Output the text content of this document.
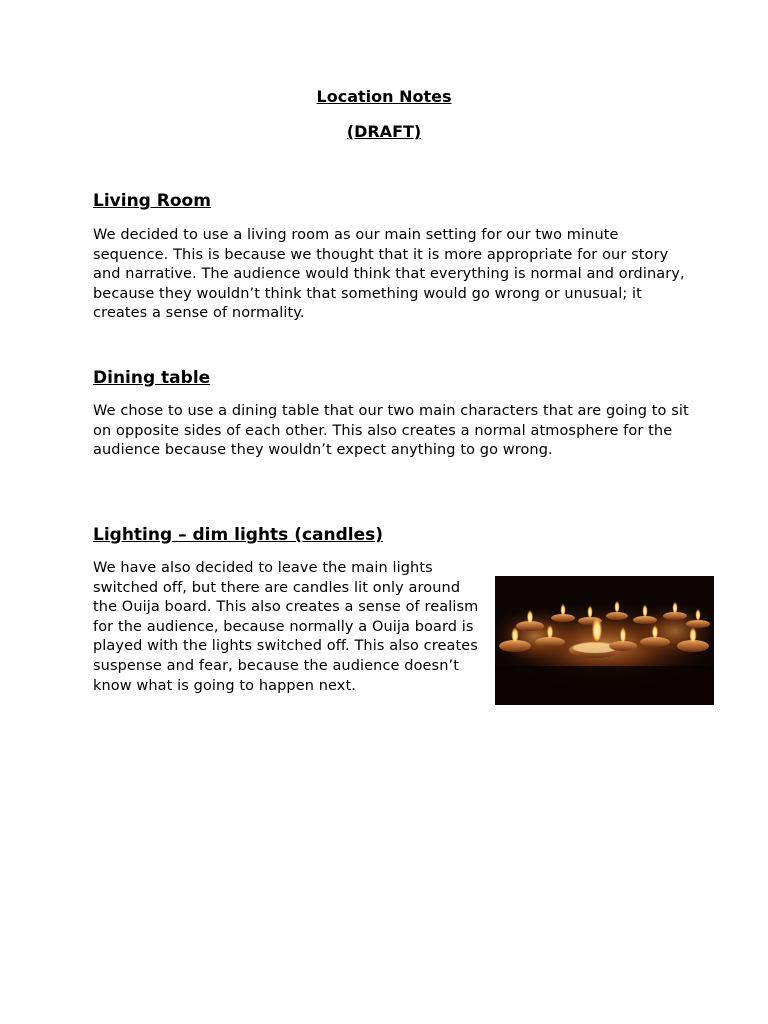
Location Notes
(DRAFT)
Living Room

We decided to use a living room as our main setting for our two minute sequence. This is because we thought that it is more appropriate for our story and narrative. The audience would think that everything is normal and ordinary, because they wouldn’t think that something would go wrong or unusual; it creates a sense of normality.

Dining table

We chose to use a dining table that our two main characters that are going to sit on opposite sides of each other. This also creates a normal atmosphere for the audience because they wouldn’t expect anything to go wrong.

Lighting – dim lights (candles)

We have also decided to leave the main lights switched off, but there are candles lit only around the Ouija board. This also creates a sense of realism for the audience, because normally a Ouija board is played with the lights switched off. This also creates suspense and fear, because the audience doesn’t know what is going to happen next.
